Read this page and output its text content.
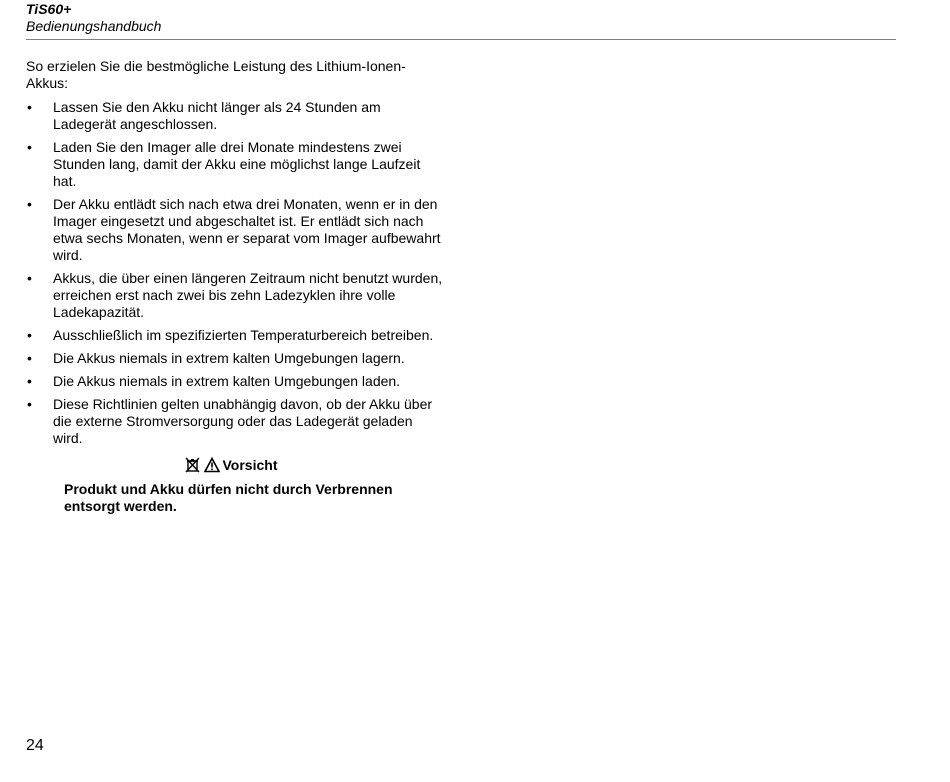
TiS60+
Bedienungshandbuch

So erzielen Sie die bestmögliche Leistung des Lithium-Ionen-Akkus:

• Lassen Sie den Akku nicht länger als 24 Stunden am Ladegerät angeschlossen.
• Laden Sie den Imager alle drei Monate mindestens zwei Stunden lang, damit der Akku eine möglichst lange Laufzeit hat.
• Der Akku entlädt sich nach etwa drei Monaten, wenn er in den Imager eingesetzt und abgeschaltet ist. Er entlädt sich nach etwa sechs Monaten, wenn er separat vom Imager aufbewahrt wird.
• Akkus, die über einen längeren Zeitraum nicht benutzt wurden, erreichen erst nach zwei bis zehn Ladezyklen ihre volle Ladekapazität.
• Ausschließlich im spezifizierten Temperaturbereich betreiben.
• Die Akkus niemals in extrem kalten Umgebungen lagern.
• Die Akkus niemals in extrem kalten Umgebungen laden.
• Diese Richtlinien gelten unabhängig davon, ob der Akku über die externe Stromversorgung oder das Ladegerät geladen wird.
Vorsicht
Produkt und Akku dürfen nicht durch Verbrennen entsorgt werden.
24
